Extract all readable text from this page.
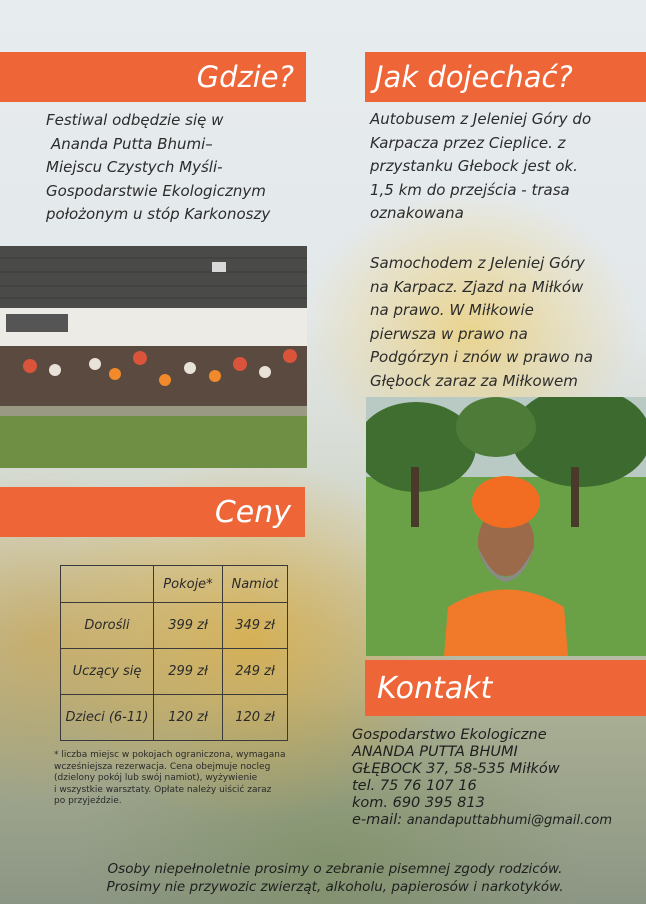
Gdzie?
Festiwal odbędzie się w
Ananda Putta Bhumi–
Miejscu Czystych Myśli-
Gospodarstwie Ekologicznym
położonym u stóp Karkonoszy
Jak dojechać?
Autobusem z Jeleniej Góry do
Karpacza przez Cieplice. z
przystanku Głebock jest ok.
1,5 km do przejścia - trasa
oznakowana
Samochodem z Jeleniej Góry
na Karpacz. Zjazd na Miłków
na prawo. W Miłkowie
pierwsza w prawo na
Podgórzyn i znów w prawo na
Głębock zaraz za Miłkowem
Ceny
	Pokoje*	Namiot
Dorośli	399 zł	349 zł
Uczący się	299 zł	249 zł
Dzieci (6-11)	120 zł	120 zł
* liczba miejsc w pokojach ograniczona, wymagana
wcześniejsza rezerwacja. Cena obejmuje nocleg
(dzielony pokój lub swój namiot), wyżywienie
i wszystkie warsztaty. Opłate należy uiścić zaraz
po przyjeździe.
Kontakt
Gospodarstwo Ekologiczne
ANANDA PUTTA BHUMI
GŁĘBOCK 37, 58-535 Miłków
tel. 75 76 107 16
kom. 690 395 813
e-mail: anandaputtabhumi@gmail.com
Osoby niepełnoletnie prosimy o zebranie pisemnej zgody rodziców.
Prosimy nie przywozic zwierząt, alkoholu, papierosów i narkotyków.
